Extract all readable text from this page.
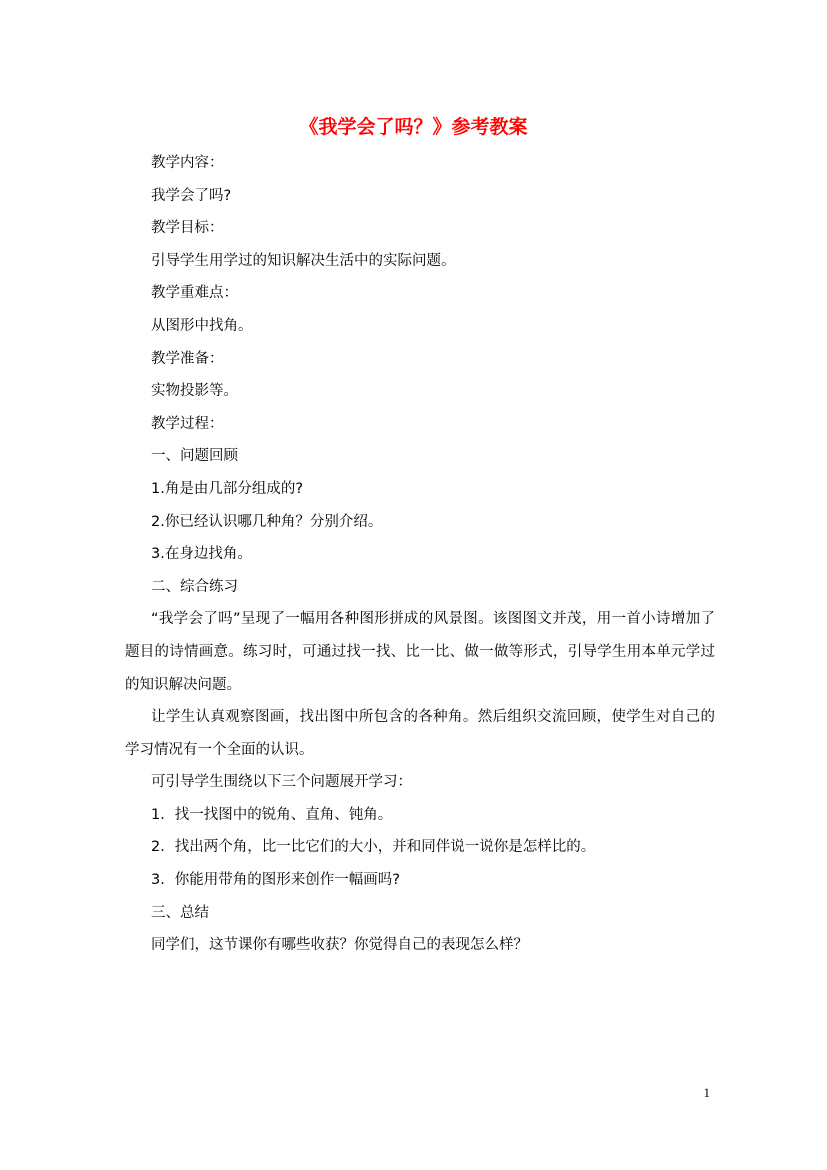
《我学会了吗？》参考教案

教学内容：

我学会了吗?

教学目标：

引导学生用学过的知识解决生活中的实际问题。

教学重难点：

从图形中找角。

教学准备：

实物投影等。

教学过程：

一、问题回顾

1.角是由几部分组成的?

2.你已经认识哪几种角？分别介绍。

3.在身边找角。

二、综合练习

“我学会了吗”呈现了一幅用各种图形拼成的风景图。该图图文并茂，用一首小诗增加了题目的诗情画意。练习时，可通过找一找、比一比、做一做等形式，引导学生用本单元学过的知识解决问题。

让学生认真观察图画，找出图中所包含的各种角。然后组织交流回顾，使学生对自己的学习情况有一个全面的认识。

可引导学生围绕以下三个问题展开学习：

1．找一找图中的锐角、直角、钝角。

2．找出两个角，比一比它们的大小，并和同伴说一说你是怎样比的。

3．你能用带角的图形来创作一幅画吗?

三、总结

同学们，这节课你有哪些收获？你觉得自己的表现怎么样？

1
